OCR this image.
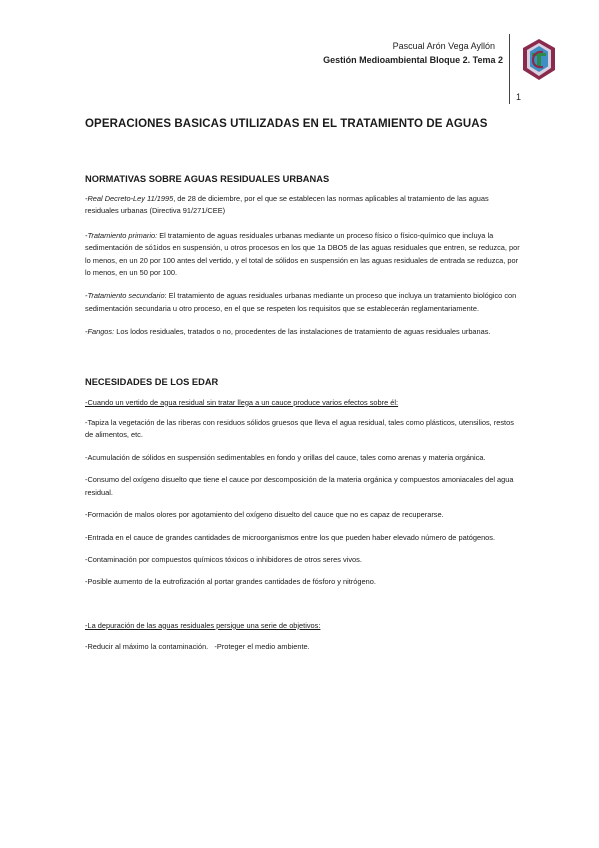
Pascual Arón Vega Ayllón
Gestión Medioambiental Bloque 2. Tema 2
1
OPERACIONES BASICAS UTILIZADAS EN EL TRATAMIENTO DE AGUAS
NORMATIVAS SOBRE AGUAS RESIDUALES URBANAS

-Real Decreto-Ley 11/1995, de 28 de diciembre, por el que se establecen las normas aplicables al tratamiento de las aguas residuales urbanas (Directiva 91/271/CEE)

-Tratamiento primario: El tratamiento de aguas residuales urbanas mediante un proceso físico o físico-químico que incluya la sedimentación de só1idos en suspensión, u otros procesos en los que 1a DBO5 de las aguas residuales que entren, se reduzca, por lo menos, en un 20 por 100 antes del vertido, y el total de sólidos en suspensión en las aguas residuales de entrada se reduzca, por lo menos, en un 50 por 100.

-Tratamiento secundario: El tratamiento de aguas residuales urbanas mediante un proceso que incluya un tratamiento biológico con sedimentación secundaria u otro proceso, en el que se respeten los requisitos que se establecerán reglamentariamente.

-Fangos: Los lodos residuales, tratados o no, procedentes de las instalaciones de tratamiento de aguas residuales urbanas.

NECESIDADES DE LOS EDAR

-Cuando un vertido de agua residual sin tratar llega a un cauce produce varios efectos sobre él:

-Tapiza la vegetación de las riberas con residuos sólidos gruesos que lleva el agua residual, tales como plásticos, utensilios, restos de alimentos, etc.

-Acumulación de sólidos en suspensión sedimentables en fondo y orillas del cauce, tales como arenas y materia orgánica.

-Consumo del oxígeno disuelto que tiene el cauce por descomposición de la materia orgánica y compuestos amoniacales del agua residual.

-Formación de malos olores por agotamiento del oxígeno disuelto del cauce que no es capaz de recuperarse.

-Entrada en el cauce de grandes cantidades de microorganismos entre los que pueden haber elevado número de patógenos.

-Contaminación por compuestos químicos tóxicos o inhibidores de otros seres vivos.

-Posible aumento de la eutrofización al portar grandes cantidades de fósforo y nitrógeno.

-La depuración de las aguas residuales persigue una serie de objetivos:

-Reducir al máximo la contaminación.   -Proteger el medio ambiente.
